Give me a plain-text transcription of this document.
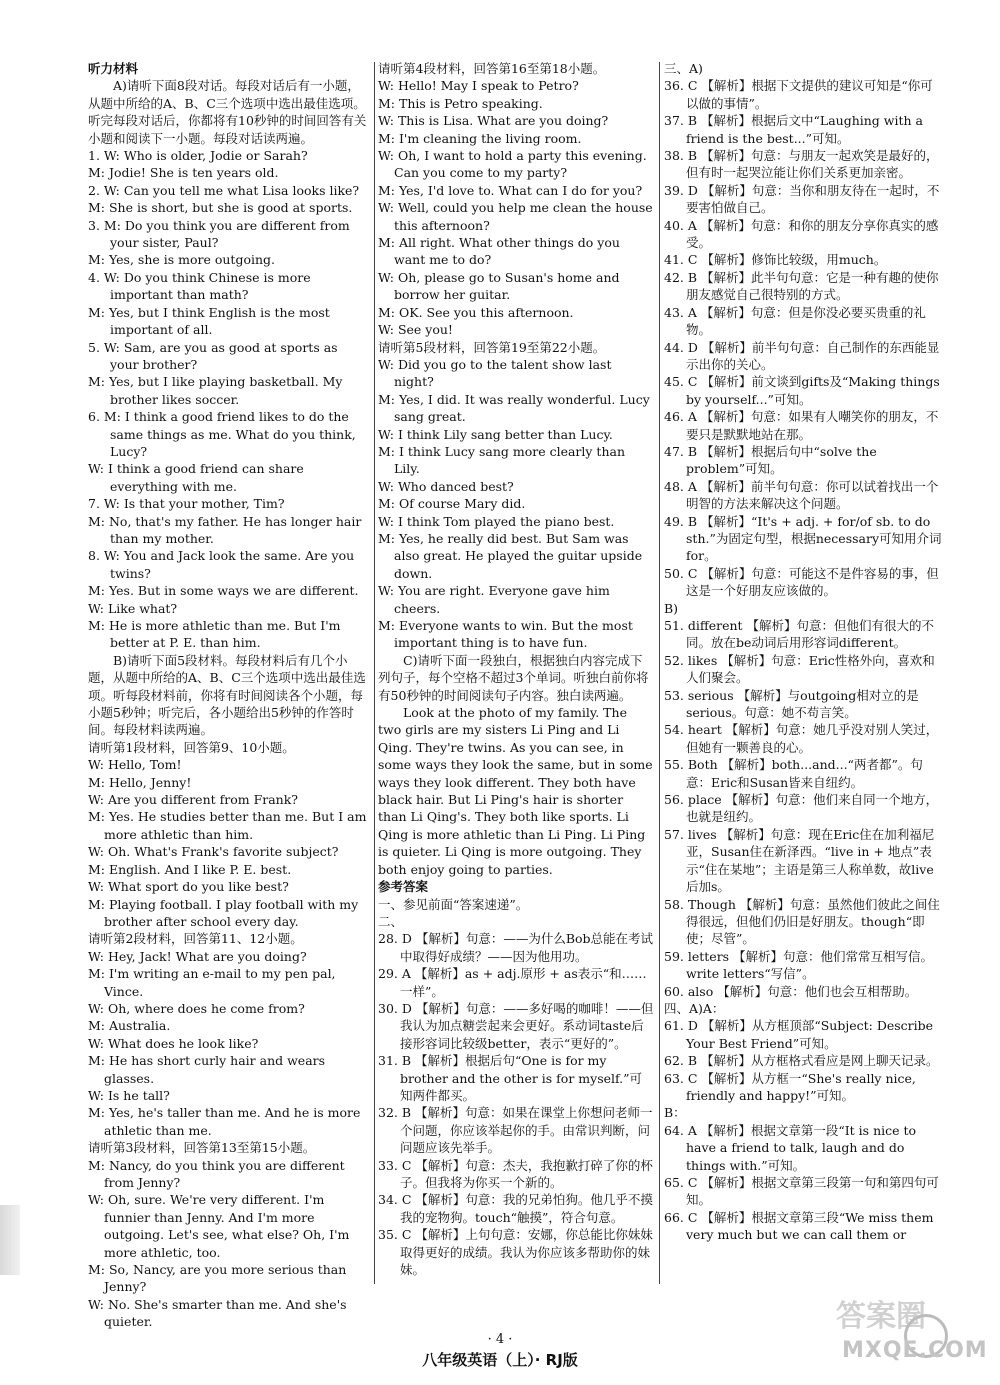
听力材料

A)请听下面8段对话。每段对话后有一小题，从题中所给的A、B、C三个选项中选出最佳选项。听完每段对话后，你都将有10秒钟的时间回答有关小题和阅读下一小题。每段对话读两遍。

1. W: Who is older, Jodie or Sarah?

M: Jodie! She is ten years old.

2. W: Can you tell me what Lisa looks like?

M: She is short, but she is good at sports.

3. M: Do you think you are different from your sister, Paul?

M: Yes, she is more outgoing.

4. W: Do you think Chinese is more important than math?

M: Yes, but I think English is the most important of all.

5. W: Sam, are you as good at sports as your brother?

M: Yes, but I like playing basketball. My brother likes soccer.

6. M: I think a good friend likes to do the same things as me. What do you think, Lucy?

W: I think a good friend can share everything with me.

7. W: Is that your mother, Tim?

M: No, that's my father. He has longer hair than my mother.

8. W: You and Jack look the same. Are you twins?

M: Yes. But in some ways we are different.

W: Like what?

M: He is more athletic than me. But I'm better at P. E. than him.

B)请听下面5段材料。每段材料后有几个小题，从题中所给的A、B、C三个选项中选出最佳选项。听每段材料前，你将有时间阅读各个小题，每小题5秒钟；听完后，各小题给出5秒钟的作答时间。每段材料读两遍。

请听第1段材料，回答第9、10小题。

W: Hello, Tom!

M: Hello, Jenny!

W: Are you different from Frank?

M: Yes. He studies better than me. But I am more athletic than him.

W: Oh. What's Frank's favorite subject?

M: English. And I like P. E. best.

W: What sport do you like best?

M: Playing football. I play football with my brother after school every day.

请听第2段材料，回答第11、12小题。

W: Hey, Jack! What are you doing?

M: I'm writing an e-mail to my pen pal, Vince.

W: Oh, where does he come from?

M: Australia.

W: What does he look like?

M: He has short curly hair and wears glasses.

W: Is he tall?

M: Yes, he's taller than me. And he is more athletic than me.

请听第3段材料，回答第13至第15小题。

M: Nancy, do you think you are different from Jenny?

W: Oh, sure. We're very different. I'm funnier than Jenny. And I'm more outgoing. Let's see, what else? Oh, I'm more athletic, too.

M: So, Nancy, are you more serious than Jenny?

W: No. She's smarter than me. And she's quieter.

请听第4段材料，回答第16至第18小题。

W: Hello! May I speak to Petro?

M: This is Petro speaking.

W: This is Lisa. What are you doing?

M: I'm cleaning the living room.

W: Oh, I want to hold a party this evening. Can you come to my party?

M: Yes, I'd love to. What can I do for you?

W: Well, could you help me clean the house this afternoon?

M: All right. What other things do you want me to do?

W: Oh, please go to Susan's home and borrow her guitar.

M: OK. See you this afternoon.

W: See you!

请听第5段材料，回答第19至第22小题。

W: Did you go to the talent show last night?

M: Yes, I did. It was really wonderful. Lucy sang great.

W: I think Lily sang better than Lucy.

M: I think Lucy sang more clearly than Lily.

W: Who danced best?

M: Of course Mary did.

W: I think Tom played the piano best.

M: Yes, he really did best. But Sam was also great. He played the guitar upside down.

W: You are right. Everyone gave him cheers.

M: Everyone wants to win. But the most important thing is to have fun.

C)请听下面一段独白，根据独白内容完成下列句子，每个空格不超过3个单词。听独白前你将有50秒钟的时间阅读句子内容。独白读两遍。

Look at the photo of my family. The two girls are my sisters Li Ping and Li Qing. They're twins. As you can see, in some ways they look the same, but in some ways they look different. They both have black hair. But Li Ping's hair is shorter than Li Qing's. They both like sports. Li Qing is more athletic than Li Ping. Li Ping is quieter. Li Qing is more outgoing. They both enjoy going to parties.

参考答案

一、参见前面“答案速递”。

二、

28. D 【解析】句意：——为什么Bob总能在考试中取得好成绩？——因为他用功。

29. A 【解析】as + adj.原形 + as表示“和……一样”。

30. D 【解析】句意：——多好喝的咖啡！——但我认为加点糖尝起来会更好。系动词taste后接形容词比较级better，表示“更好的”。

31. B 【解析】根据后句“One is for my brother and the other is for myself.”可知两件都买。

32. B 【解析】句意：如果在课堂上你想问老师一个问题，你应该举起你的手。由常识判断，问问题应该先举手。

33. C 【解析】句意：杰夫，我抱歉打碎了你的杯子。但我将为你买一个新的。

34. C 【解析】句意：我的兄弟怕狗。他几乎不摸我的宠物狗。touch“触摸”，符合句意。

35. C 【解析】上句句意：安娜，你总能比你妹妹取得更好的成绩。我认为你应该多帮助你的妹妹。

三、A)

36. C 【解析】根据下文提供的建议可知是“你可以做的事情”。

37. B 【解析】根据后文中“Laughing with a friend is the best...”可知。

38. B 【解析】句意：与朋友一起欢笑是最好的，但有时一起哭泣能让你们关系更加亲密。

39. D 【解析】句意：当你和朋友待在一起时，不要害怕做自己。

40. A 【解析】句意：和你的朋友分享你真实的感受。

41. C 【解析】修饰比较级，用much。

42. B 【解析】此半句句意：它是一种有趣的使你朋友感觉自己很特别的方式。

43. A 【解析】句意：但是你没必要买贵重的礼物。

44. D 【解析】前半句句意：自己制作的东西能显示出你的关心。

45. C 【解析】前文谈到gifts及“Making things by yourself...”可知。

46. A 【解析】句意：如果有人嘲笑你的朋友，不要只是默默地站在那。

47. B 【解析】根据后句中“solve the problem”可知。

48. A 【解析】前半句句意：你可以试着找出一个明智的方法来解决这个问题。

49. B 【解析】“It's + adj. + for/of sb. to do sth.”为固定句型，根据necessary可知用介词for。

50. C 【解析】句意：可能这不是件容易的事，但这是一个好朋友应该做的。

B)

51. different 【解析】句意：但他们有很大的不同。放在be动词后用形容词different。

52. likes 【解析】句意：Eric性格外向，喜欢和人们聚会。

53. serious 【解析】与outgoing相对立的是serious。句意：她不苟言笑。

54. heart 【解析】句意：她几乎没对别人笑过，但她有一颗善良的心。

55. Both 【解析】both...and...“两者都”。句意：Eric和Susan皆来自纽约。

56. place 【解析】句意：他们来自同一个地方，也就是纽约。

57. lives 【解析】句意：现在Eric住在加利福尼亚，Susan住在新泽西。“live in + 地点”表示“住在某地”；主语是第三人称单数，故live后加s。

58. Though 【解析】句意：虽然他们彼此之间住得很远，但他们仍旧是好朋友。though“即使；尽管”。

59. letters 【解析】句意：他们常常互相写信。write letters“写信”。

60. also 【解析】句意：他们也会互相帮助。

四、A)A：

61. D 【解析】从方框顶部“Subject: Describe Your Best Friend”可知。

62. B 【解析】从方框格式看应是网上聊天记录。

63. C 【解析】从方框一“She's really nice, friendly and happy!”可知。

B：

64. A 【解析】根据文章第一段“It is nice to have a friend to talk, laugh and do things with.”可知。

65. C 【解析】根据文章第三段第一句和第四句可知。

66. C 【解析】根据文章第三段“We miss them very much but we can call them or

· 4 ·
八年级英语（上）· RJ版
答案圈
MXQE.COM
